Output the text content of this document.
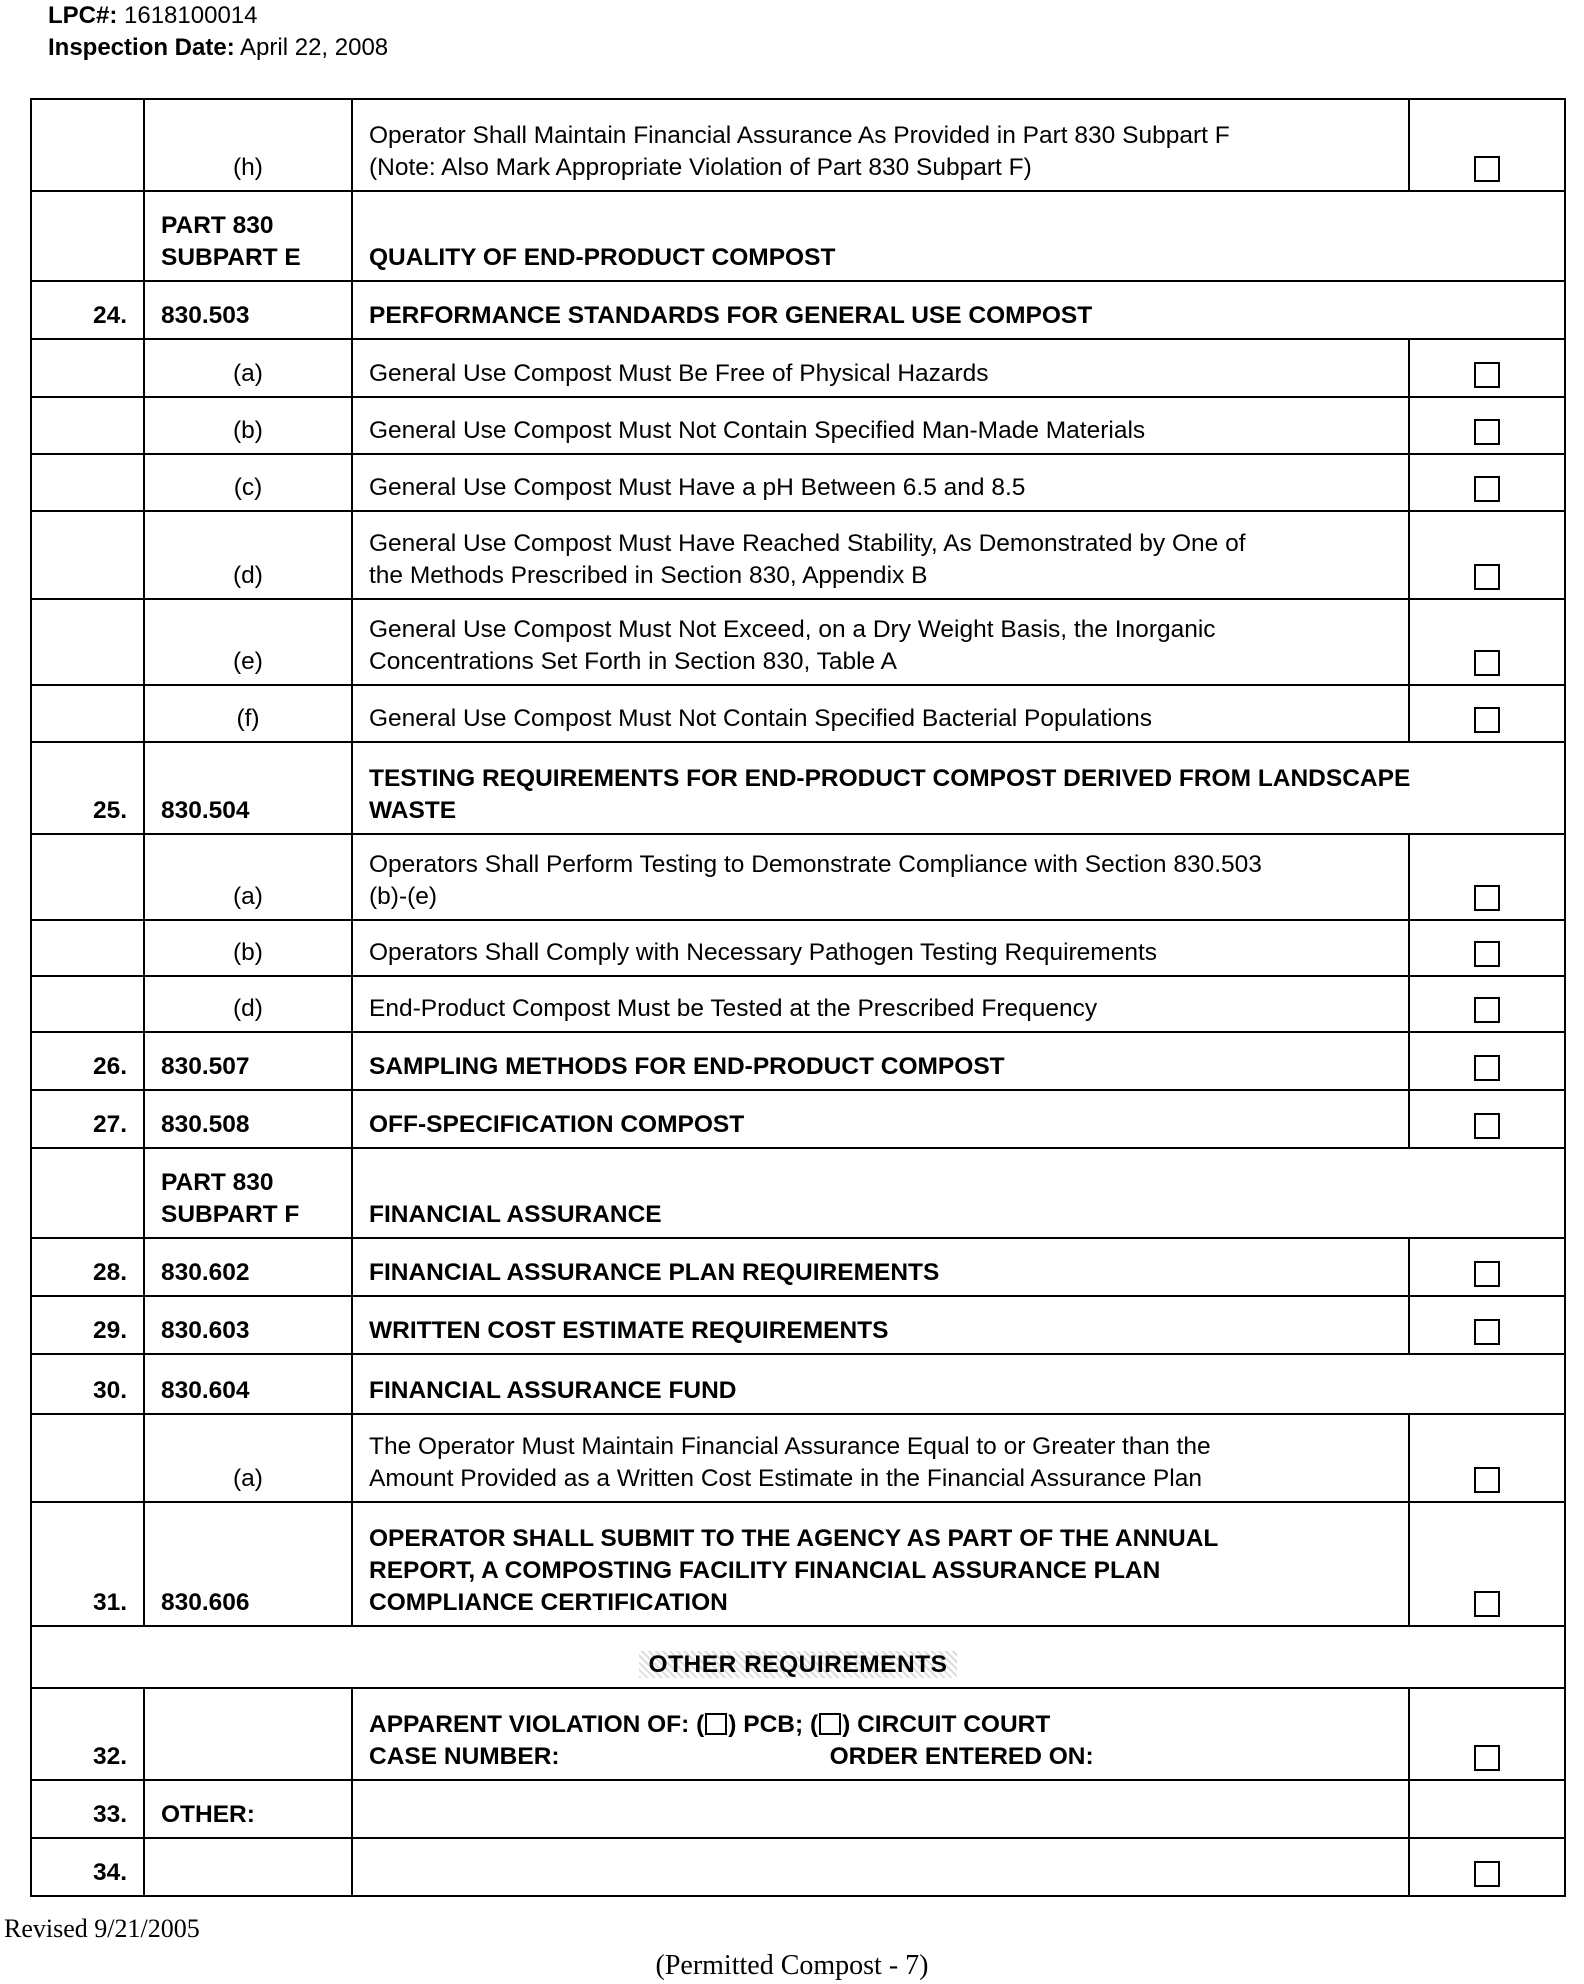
LPC#: 1618100014
Inspection Date: April 22, 2008
	(h)	Operator Shall Maintain Financial Assurance As Provided in Part 830 Subpart F
(Note: Also Mark Appropriate Violation of Part 830 Subpart F)	

	PART 830
SUBPART E	QUALITY OF END-PRODUCT COMPOST	
24.	830.503	PERFORMANCE STANDARDS FOR GENERAL USE COMPOST	
	(a)	General Use Compost Must Be Free of Physical Hazards	
	(b)	General Use Compost Must Not Contain Specified Man-Made Materials	
	(c)	General Use Compost Must Have a pH Between 6.5 and 8.5	
	(d)	General Use Compost Must Have Reached Stability, As Demonstrated by One of
the Methods Prescribed in Section 830, Appendix B	

	(e)	General Use Compost Must Not Exceed, on a Dry Weight Basis, the Inorganic
Concentrations Set Forth in Section 830, Table A	

	(f)	General Use Compost Must Not Contain Specified Bacterial Populations	
25.	830.504	TESTING REQUIREMENTS FOR END-PRODUCT COMPOST DERIVED FROM LANDSCAPE
WASTE	

	(a)	Operators Shall Perform Testing to Demonstrate Compliance with Section 830.503
(b)-(e)	

	(b)	Operators Shall Comply with Necessary Pathogen Testing Requirements	
	(d)	End-Product Compost Must be Tested at the Prescribed Frequency	
26.	830.507	SAMPLING METHODS FOR END-PRODUCT COMPOST	
27.	830.508	OFF-SPECIFICATION COMPOST	

	PART 830
SUBPART F	FINANCIAL ASSURANCE	
28.	830.602	FINANCIAL ASSURANCE PLAN REQUIREMENTS	
29.	830.603	WRITTEN COST ESTIMATE REQUIREMENTS	
30.	830.604	FINANCIAL ASSURANCE FUND	
	(a)	The Operator Must Maintain Financial Assurance Equal to or Greater than the
Amount Provided as a Written Cost Estimate in the Financial Assurance Plan	

31.	830.606	OPERATOR SHALL SUBMIT TO THE AGENCY AS PART OF THE ANNUAL
REPORT, A COMPOSTING FACILITY FINANCIAL ASSURANCE PLAN
COMPLIANCE CERTIFICATION	

OTHER REQUIREMENTS			
32.		APPARENT VIOLATION OF: ( ) PCB; ( ) CIRCUIT COURT
CASE NUMBER: ORDER ENTERED ON:	

33.	OTHER:		
34.			
Revised 9/21/2005
(Permitted Compost - 7)
